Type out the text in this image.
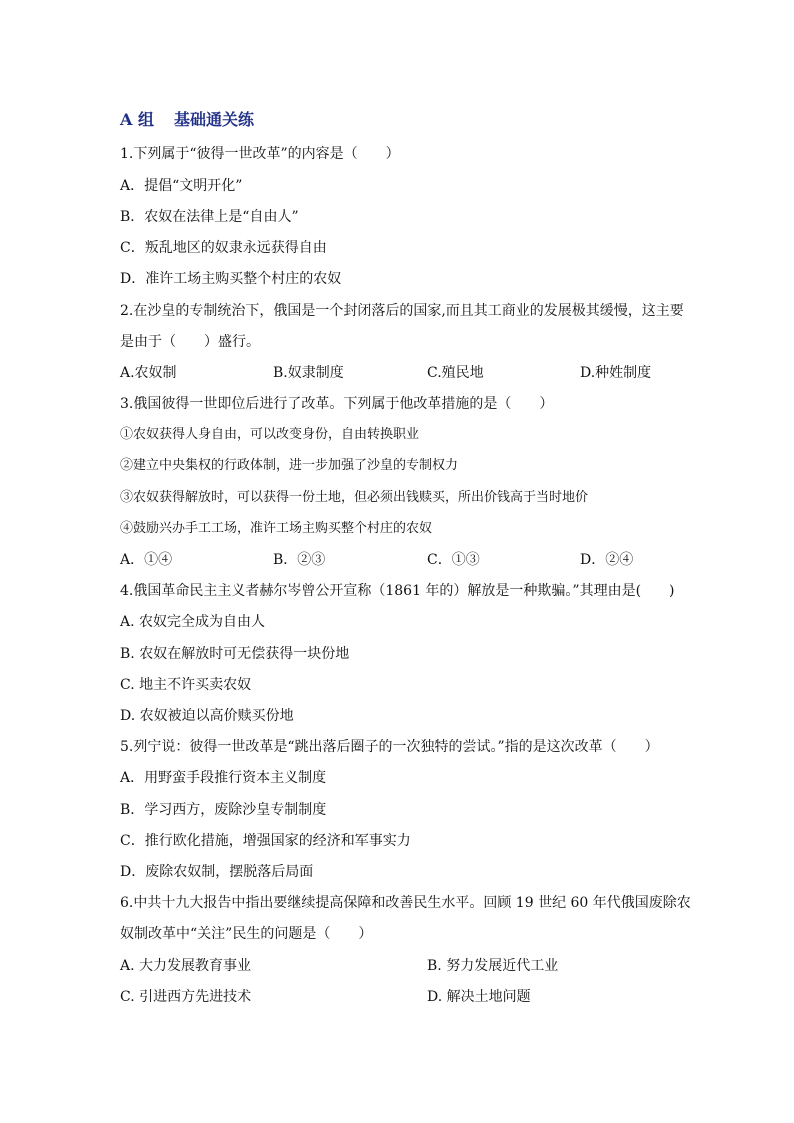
A 组 基础通关练
1.下列属于“彼得一世改革”的内容是（　　）
A．提倡“文明开化”
B．农奴在法律上是“自由人”
C．叛乱地区的奴隶永远获得自由
D．准许工场主购买整个村庄的农奴
2.在沙皇的专制统治下，俄国是一个封闭落后的国家,而且其工商业的发展极其缓慢，这主要
是由于（　　）盛行。
A.农奴制	B.奴隶制度	C.殖民地	D.种姓制度
3.俄国彼得一世即位后进行了改革。下列属于他改革措施的是（　　）
①农奴获得人身自由，可以改变身份，自由转换职业
②建立中央集权的行政体制，进一步加强了沙皇的专制权力
③农奴获得解放时，可以获得一份土地，但必须出钱赎买，所出价钱高于当时地价
④鼓励兴办手工工场，准许工场主购买整个村庄的农奴
A．①④	B．②③	C．①③	D．②④
4.俄国革命民主主义者赫尔岑曾公开宣称（1861 年的）解放是一种欺骗。”其理由是(　　)
A. 农奴完全成为自由人
B. 农奴在解放时可无偿获得一块份地
C. 地主不许买卖农奴
D. 农奴被迫以高价赎买份地
5.列宁说：彼得一世改革是“跳出落后圈子的一次独特的尝试。”指的是这次改革（　　）
A．用野蛮手段推行资本主义制度
B．学习西方，废除沙皇专制制度
C．推行欧化措施，增强国家的经济和军事实力
D．废除农奴制，摆脱落后局面
6.中共十九大报告中指出要继续提高保障和改善民生水平。回顾 19 世纪 60 年代俄国废除农
奴制改革中“关注”民生的问题是（　　）
A. 大力发展教育事业	B. 努力发展近代工业
C. 引进西方先进技术	D. 解决土地问题
